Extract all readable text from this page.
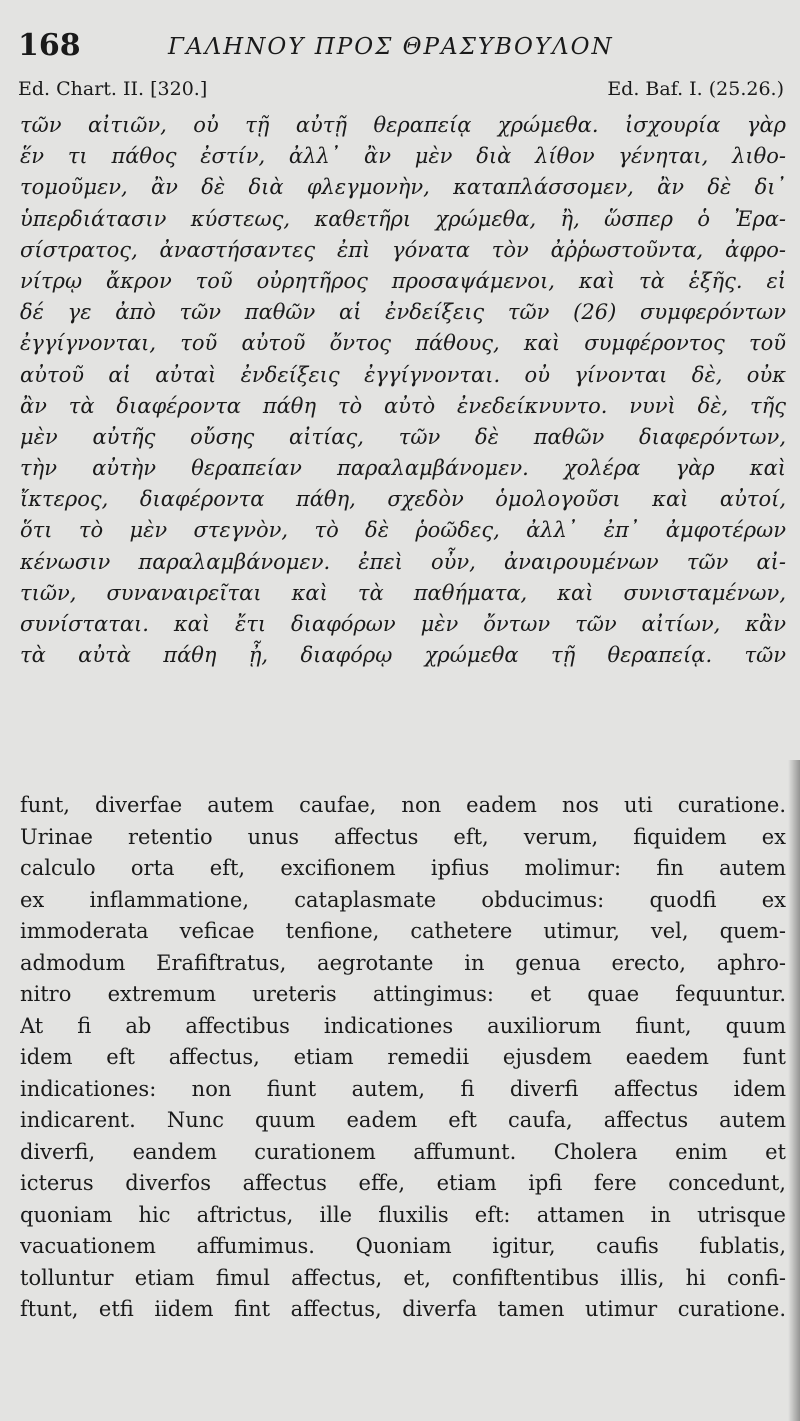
168	ΓΑΛΗΝΟΥ ΠΡΟΣ ΘΡΑΣΥΒΟΥΛΟΝ
Ed. Chart. II. [320.]	Ed. Baf. I. (25.26.)
τῶν αἰτιῶν, οὐ τῇ αὐτῇ θεραπείᾳ χρώμεθα. ἰσχουρία γὰρ
ἕν τι πάθος ἐστίν, ἀλλ᾽ ἂν μὲν διὰ λίθον γένηται, λιθο-
τομοῦμεν, ἂν δὲ διὰ φλεγμονὴν, καταπλάσσομεν, ἂν δὲ δι᾽
ὑπερδιάτασιν κύστεως, καθετῆρι χρώμεθα, ἢ, ὥσπερ ὁ Ἐρα-
σίστρατος, ἀναστήσαντες ἐπὶ γόνατα τὸν ἀῤῥωστοῦντα, ἀφρο-
νίτρῳ ἄκρον τοῦ οὐρητῆρος προσαψάμενοι, καὶ τὰ ἑξῆς. εἰ
δέ γε ἀπὸ τῶν παθῶν αἱ ἐνδείξεις τῶν (26) συμφερόντων
ἐγγίγνονται, τοῦ αὐτοῦ ὄντος πάθους, καὶ συμφέροντος τοῦ
αὐτοῦ αἱ αὐταὶ ἐνδείξεις ἐγγίγνονται. οὐ γίνονται δὲ, οὐκ
ἂν τὰ διαφέροντα πάθη τὸ αὐτὸ ἐνεδείκνυντο. νυνὶ δὲ, τῆς
μὲν αὐτῆς οὔσης αἰτίας, τῶν δὲ παθῶν διαφερόντων,
τὴν αὐτὴν θεραπείαν παραλαμβάνομεν. χολέρα γὰρ καὶ
ἴκτερος, διαφέροντα πάθη, σχεδὸν ὁμολογοῦσι καὶ αὐτοί,
ὅτι τὸ μὲν στεγνὸν, τὸ δὲ ῥοῶδες, ἀλλ᾽ ἐπ᾽ ἀμφοτέρων
κένωσιν παραλαμβάνομεν. ἐπεὶ οὖν, ἀναιρουμένων τῶν αἰ-
τιῶν, συναναιρεῖται καὶ τὰ παθήματα, καὶ συνισταμένων,
συνίσταται. καὶ ἔτι διαφόρων μὲν ὄντων τῶν αἰτίων, κἂν
τὰ αὐτὰ πάθη ᾖ, διαφόρῳ χρώμεθα τῇ θεραπείᾳ. τῶν
funt, diverfae autem caufae, non eadem nos uti curatione.
Urinae retentio unus affectus eft, verum, fiquidem ex
calculo orta eft, excifionem ipfius molimur: fin autem
ex inflammatione, cataplasmate obducimus: quodfi ex
immoderata veficae tenfione, cathetere utimur, vel, quem-
admodum Erafiftratus, aegrotante in genua erecto, aphro-
nitro extremum ureteris attingimus: et quae fequuntur.
At fi ab affectibus indicationes auxiliorum fiunt, quum
idem eft affectus, etiam remedii ejusdem eaedem funt
indicationes: non fiunt autem, fi diverfi affectus idem
indicarent. Nunc quum eadem eft caufa, affectus autem
diverfi, eandem curationem affumunt. Cholera enim et
icterus diverfos affectus effe, etiam ipfi fere concedunt,
quoniam hic aftrictus, ille fluxilis eft: attamen in utrisque
vacuationem affumimus. Quoniam igitur, caufis fublatis,
tolluntur etiam fimul affectus, et, confiftentibus illis, hi confi-
ftunt, etfi iidem fint affectus, diverfa tamen utimur curatione.
